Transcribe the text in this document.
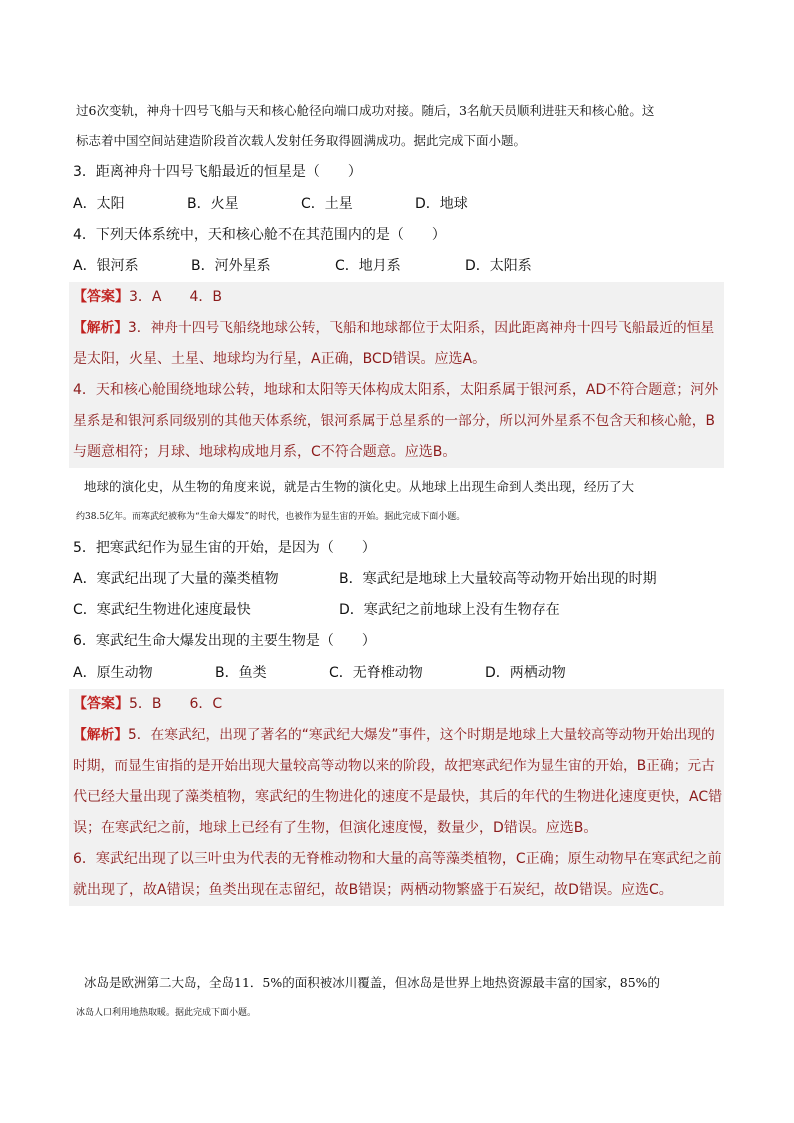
过6次变轨，神舟十四号飞船与天和核心舱径向端口成功对接。随后，3名航天员顺利进驻天和核心舱。这
标志着中国空间站建造阶段首次载人发射任务取得圆满成功。据此完成下面小题。
3．距离神舟十四号飞船最近的恒星是（　　）
A．太阳	B．火星	C．土星	D．地球
4．下列天体系统中，天和核心舱不在其范围内的是（　　）
A．银河系	B．河外星系	C．地月系	D．太阳系
【答案】3．A　　4．B
【解析】3．神舟十四号飞船绕地球公转，飞船和地球都位于太阳系，因此距离神舟十四号飞船最近的恒星
是太阳，火星、土星、地球均为行星，A正确，BCD错误。应选A。
4．天和核心舱围绕地球公转，地球和太阳等天体构成太阳系，太阳系属于银河系，AD不符合题意；河外
星系是和银河系同级别的其他天体系统，银河系属于总星系的一部分，所以河外星系不包含天和核心舱，B
与题意相符；月球、地球构成地月系，C不符合题意。应选B。
地球的演化史，从生物的角度来说，就是古生物的演化史。从地球上出现生命到人类出现，经历了大
约38.5亿年。而寒武纪被称为“生命大爆发”的时代，也被作为显生宙的开始。据此完成下面小题。
5．把寒武纪作为显生宙的开始，是因为（　　）
A．寒武纪出现了大量的藻类植物	B．寒武纪是地球上大量较高等动物开始出现的时期
C．寒武纪生物进化速度最快	D．寒武纪之前地球上没有生物存在
6．寒武纪生命大爆发出现的主要生物是（　　）
A．原生动物	B．鱼类	C．无脊椎动物	D．两栖动物
【答案】5．B　　6．C
【解析】5．在寒武纪，出现了著名的“寒武纪大爆发”事件，这个时期是地球上大量较高等动物开始出现的
时期，而显生宙指的是开始出现大量较高等动物以来的阶段，故把寒武纪作为显生宙的开始，B正确；元古
代已经大量出现了藻类植物，寒武纪的生物进化的速度不是最快，其后的年代的生物进化速度更快，AC错
误；在寒武纪之前，地球上已经有了生物，但演化速度慢，数量少，D错误。应选B。
6．寒武纪出现了以三叶虫为代表的无脊椎动物和大量的高等藻类植物，C正确；原生动物早在寒武纪之前
就出现了，故A错误；鱼类出现在志留纪，故B错误；两栖动物繁盛于石炭纪，故D错误。应选C。
冰岛是欧洲第二大岛，全岛11．5%的面积被冰川覆盖，但冰岛是世界上地热资源最丰富的国家，85%的
冰岛人口利用地热取暖。据此完成下面小题。
